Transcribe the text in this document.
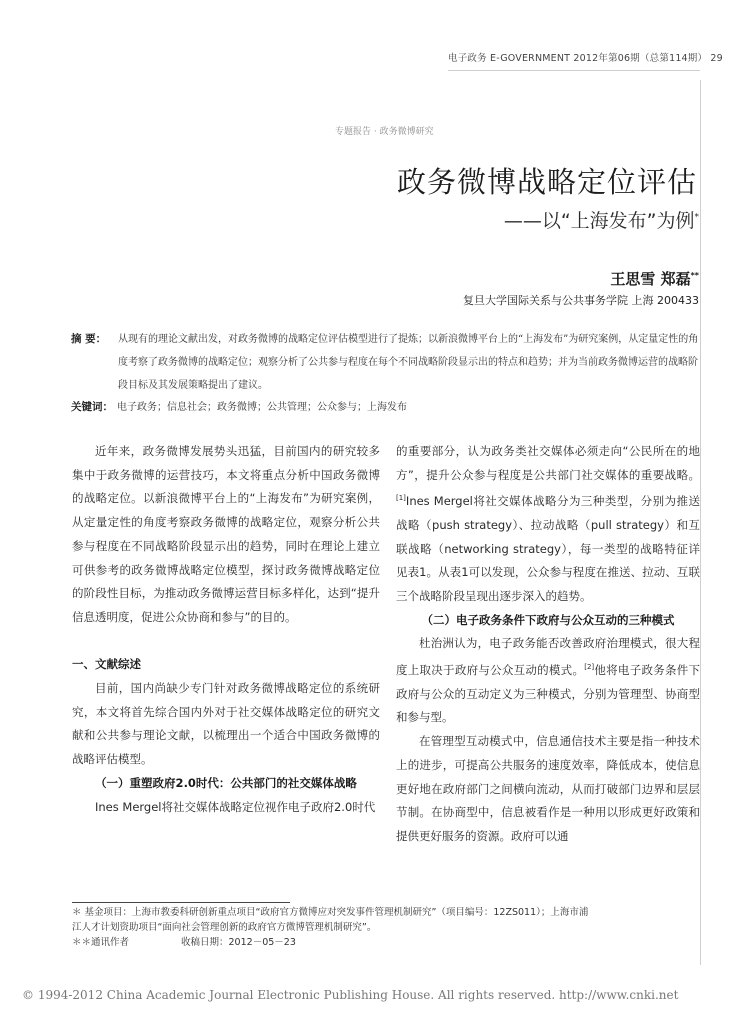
电子政务 E-GOVERNMENT 2012年第06期（总第114期） 29
专题报告 · 政务微博研究
政务微博战略定位评估
——以“上海发布”为例*
王思雪 郑磊**
复旦大学国际关系与公共事务学院 上海 200433
摘 要： 从现有的理论文献出发，对政务微博的战略定位评估模型进行了提炼；以新浪微博平台上的“上海发布”为研究案例，从定量定性的角度考察了政务微博的战略定位；观察分析了公共参与程度在每个不同战略阶段显示出的特点和趋势；并为当前政务微博运营的战略阶段目标及其发展策略提出了建议。
关键词： 电子政务；信息社会；政务微博；公共管理；公众参与；上海发布

近年来，政务微博发展势头迅猛，目前国内的研究较多集中于政务微博的运营技巧，本文将重点分析中国政务微博的战略定位。以新浪微博平台上的“上海发布”为研究案例，从定量定性的角度考察政务微博的战略定位，观察分析公共参与程度在不同战略阶段显示出的趋势，同时在理论上建立可供参考的政务微博战略定位模型，探讨政务微博战略定位的阶段性目标，为推动政务微博运营目标多样化，达到“提升信息透明度，促进公众协商和参与”的目的。

一、文献综述

目前，国内尚缺少专门针对政务微博战略定位的系统研究，本文将首先综合国内外对于社交媒体战略定位的研究文献和公共参与理论文献，以梳理出一个适合中国政务微博的战略评估模型。

（一）重塑政府2.0时代：公共部门的社交媒体战略

Ines Mergel将社交媒体战略定位视作电子政府2.0时代

的重要部分，认为政务类社交媒体必须走向“公民所在的地方”，提升公众参与程度是公共部门社交媒体的重要战略。[1]Ines Mergel将社交媒体战略分为三种类型，分别为推送战略（push strategy）、拉动战略（pull strategy）和互联战略（networking strategy），每一类型的战略特征详见表1。从表1可以发现，公众参与程度在推送、拉动、互联三个战略阶段呈现出逐步深入的趋势。

（二）电子政务条件下政府与公众互动的三种模式

杜治洲认为，电子政务能否改善政府治理模式，很大程度上取决于政府与公众互动的模式。[2]他将电子政务条件下政府与公众的互动定义为三种模式，分别为管理型、协商型和参与型。

在管理型互动模式中，信息通信技术主要是指一种技术上的进步，可提高公共服务的速度效率，降低成本，使信息更好地在政府部门之间横向流动，从而打破部门边界和层层节制。在协商型中，信息被看作是一种用以形成更好政策和提供更好服务的资源。政府可以通

＊ 基金项目：上海市教委科研创新重点项目“政府官方微博应对突发事件管理机制研究”（项目编号：12ZS011）；上海市浦
江人才计划资助项目“面向社会管理创新的政府官方微博管理机制研究”。
＊＊通讯作者	收稿日期：2012－05－23
© 1994-2012 China Academic Journal Electronic Publishing House. All rights reserved. http://www.cnki.net
